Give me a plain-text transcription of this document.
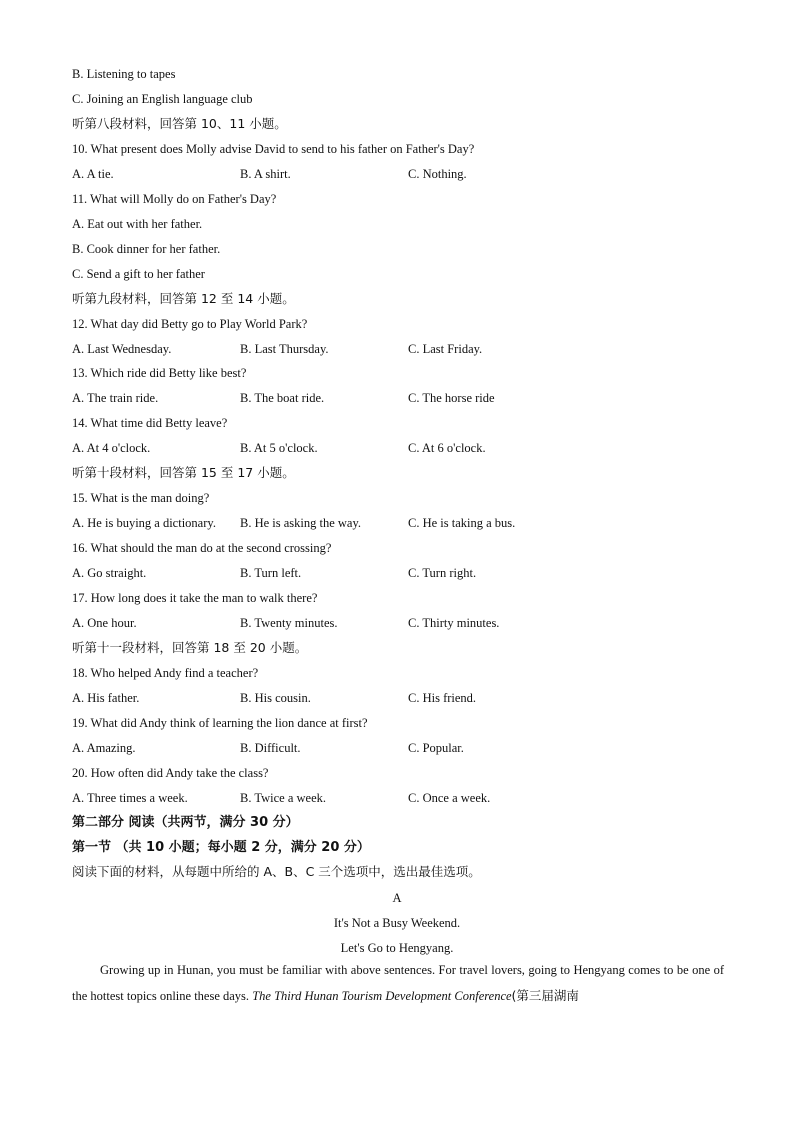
B. Listening to tapes
C. Joining an English language club
听第八段材料，回答第 10、11 小题。
10. What present does Molly advise David to send to his father on Father's Day?
A. A tie.	B. A shirt.	C. Nothing.
11. What will Molly do on Father's Day?
A. Eat out with her father.
B. Cook dinner for her father.
C. Send a gift to her father
听第九段材料，回答第 12 至 14 小题。
12. What day did Betty go to Play World Park?
A. Last Wednesday.	B. Last Thursday.	C. Last Friday.
13. Which ride did Betty like best?
A. The train ride.	B. The boat ride.	C. The horse ride
14. What time did Betty leave?
A. At 4 o'clock.	B. At 5 o'clock.	C. At 6 o'clock.
听第十段材料，回答第 15 至 17 小题。
15. What is the man doing?
A. He is buying a dictionary. B. He is asking the way.	C. He is taking a bus.
16. What should the man do at the second crossing?
A. Go straight.	B. Turn left.	C. Turn right.
17. How long does it take the man to walk there?
A. One hour.	B. Twenty minutes.	C. Thirty minutes.
听第十一段材料，回答第 18 至 20 小题。
18. Who helped Andy find a teacher?
A. His father.	B. His cousin.	C. His friend.
19. What did Andy think of learning the lion dance at first?
A. Amazing.	B. Difficult.	C. Popular.
20. How often did Andy take the class?
A. Three times a week.	B. Twice a week.	C. Once a week.
第二部分 阅读（共两节，满分 30 分）
第一节 （共 10 小题；每小题 2 分，满分 20 分）
阅读下面的材料，从每题中所给的 A、B、C 三个选项中，选出最佳选项。
A
It's Not a Busy Weekend.
Let's Go to Hengyang.
Growing up in Hunan, you must be familiar with above sentences. For travel lovers, going to Hengyang comes to be one of the hottest topics online these days. The Third Hunan Tourism Development Conference(第三届湖南
